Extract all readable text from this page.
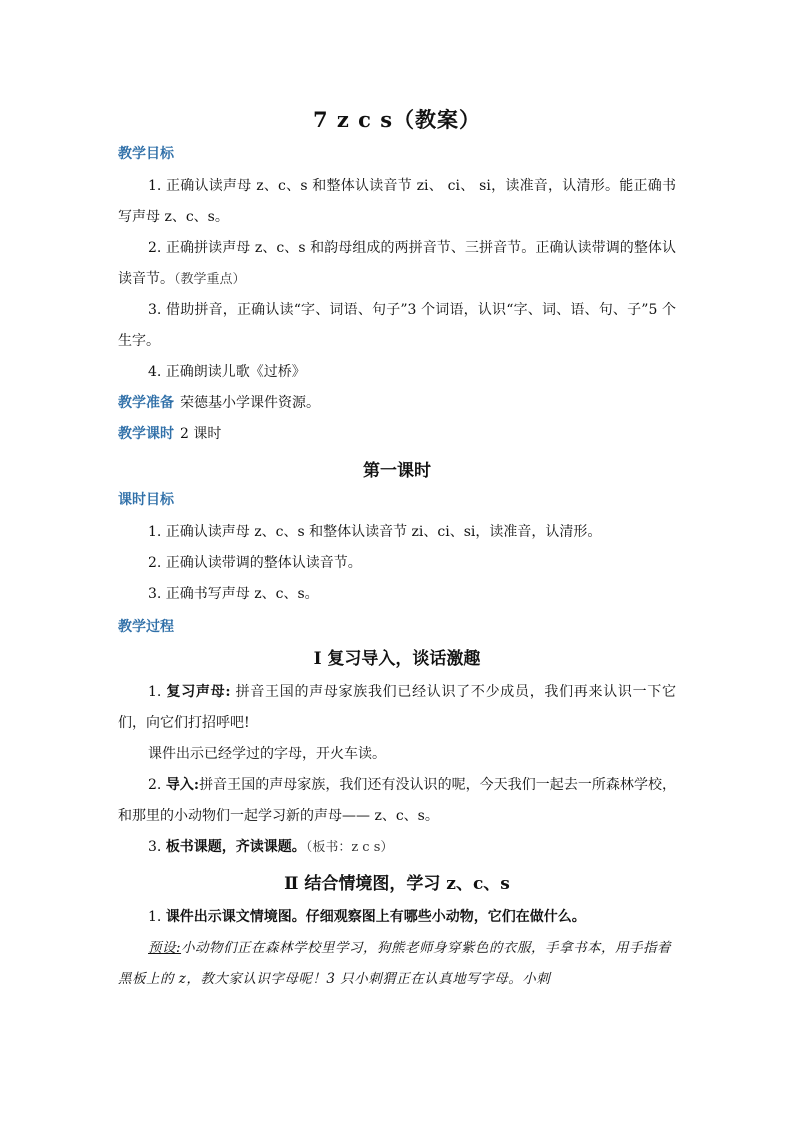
7 z c s（教案）
教学目标

1. 正确认读声母 z、c、s 和整体认读音节 zi、 ci、 si，读准音，认清形。能正确书写声母 z、c、s。

2. 正确拼读声母 z、c、s 和韵母组成的两拼音节、三拼音节。正确认读带调的整体认读音节。（教学重点）

3. 借助拼音，正确认读“字、词语、句子”3 个词语，认识“字、词、语、句、子”5 个生字。

4. 正确朗读儿歌《过桥》

教学准备 荣德基小学课件资源。

教学课时 2 课时

第一课时
课时目标

1. 正确认读声母 z、c、s 和整体认读音节 zi、ci、si，读准音，认清形。

2. 正确认读带调的整体认读音节。

3. 正确书写声母 z、c、s。

教学过程
Ⅰ 复习导入，谈话激趣

1. 复习声母: 拼音王国的声母家族我们已经认识了不少成员，我们再来认识一下它们，向它们打招呼吧!

课件出示已经学过的字母，开火车读。

2. 导入:拼音王国的声母家族，我们还有没认识的呢，今天我们一起去一所森林学校，和那里的小动物们一起学习新的声母—— z、c、s。

3. 板书课题，齐读课题。（板书：z c s）

Ⅱ 结合情境图，学习 z、c、s

1. 课件出示课文情境图。仔细观察图上有哪些小动物，它们在做什么。

预设:小动物们正在森林学校里学习，狗熊老师身穿紫色的衣服，手拿书本，用手指着黑板上的 z，教大家认识字母呢！3 只小刺猬正在认真地写字母。小刺
